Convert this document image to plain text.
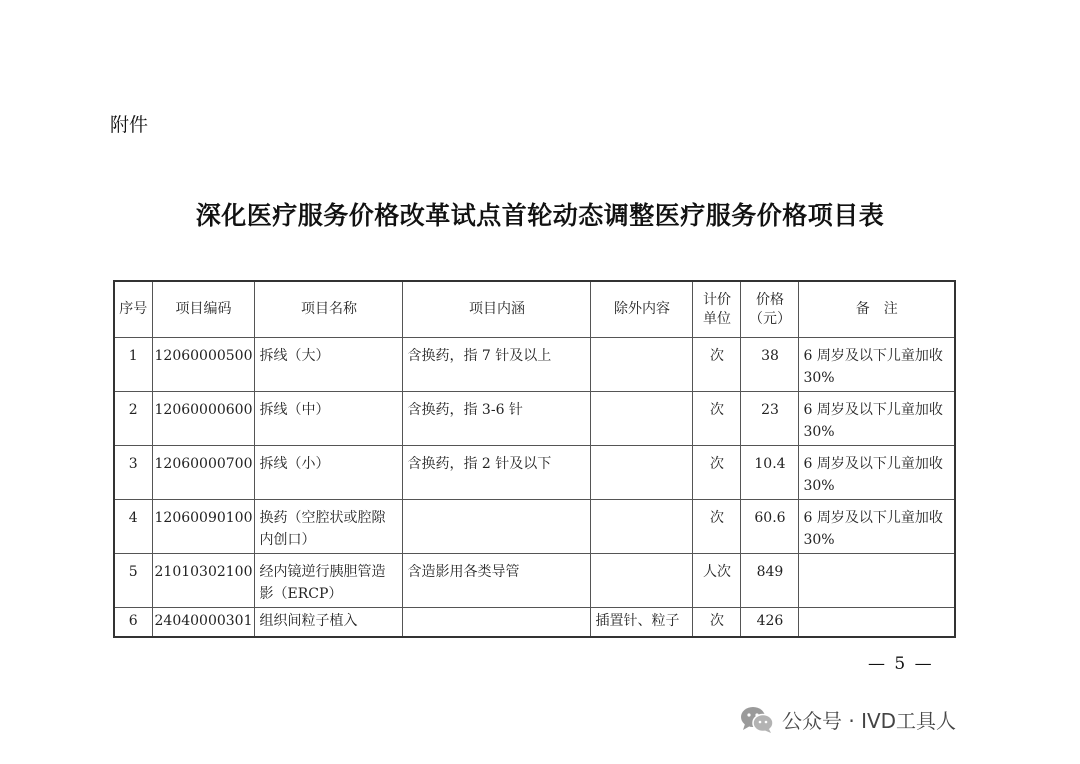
附件
深化医疗服务价格改革试点首轮动态调整医疗服务价格项目表
序号	项目编码	项目名称	项目内涵	除外内容	计价单位	价格（元）	备　注
1	12060000500	拆线（大）	含换药，指 7 针及以上		次	38	6 周岁及以下儿童加收 30%
2	12060000600	拆线（中）	含换药，指 3-6 针		次	23	6 周岁及以下儿童加收 30%
3	12060000700	拆线（小）	含换药，指 2 针及以下		次	10.4	6 周岁及以下儿童加收 30%
4	12060090100	换药（空腔状或腔隙内创口）			次	60.6	6 周岁及以下儿童加收 30%
5	21010302100	经内镜逆行胰胆管造影（ERCP）	含造影用各类导管		人次	849	
6	24040000301	组织间粒子植入		插置针、粒子	次	426	
— 5 —
公众号 · IVD工具人
